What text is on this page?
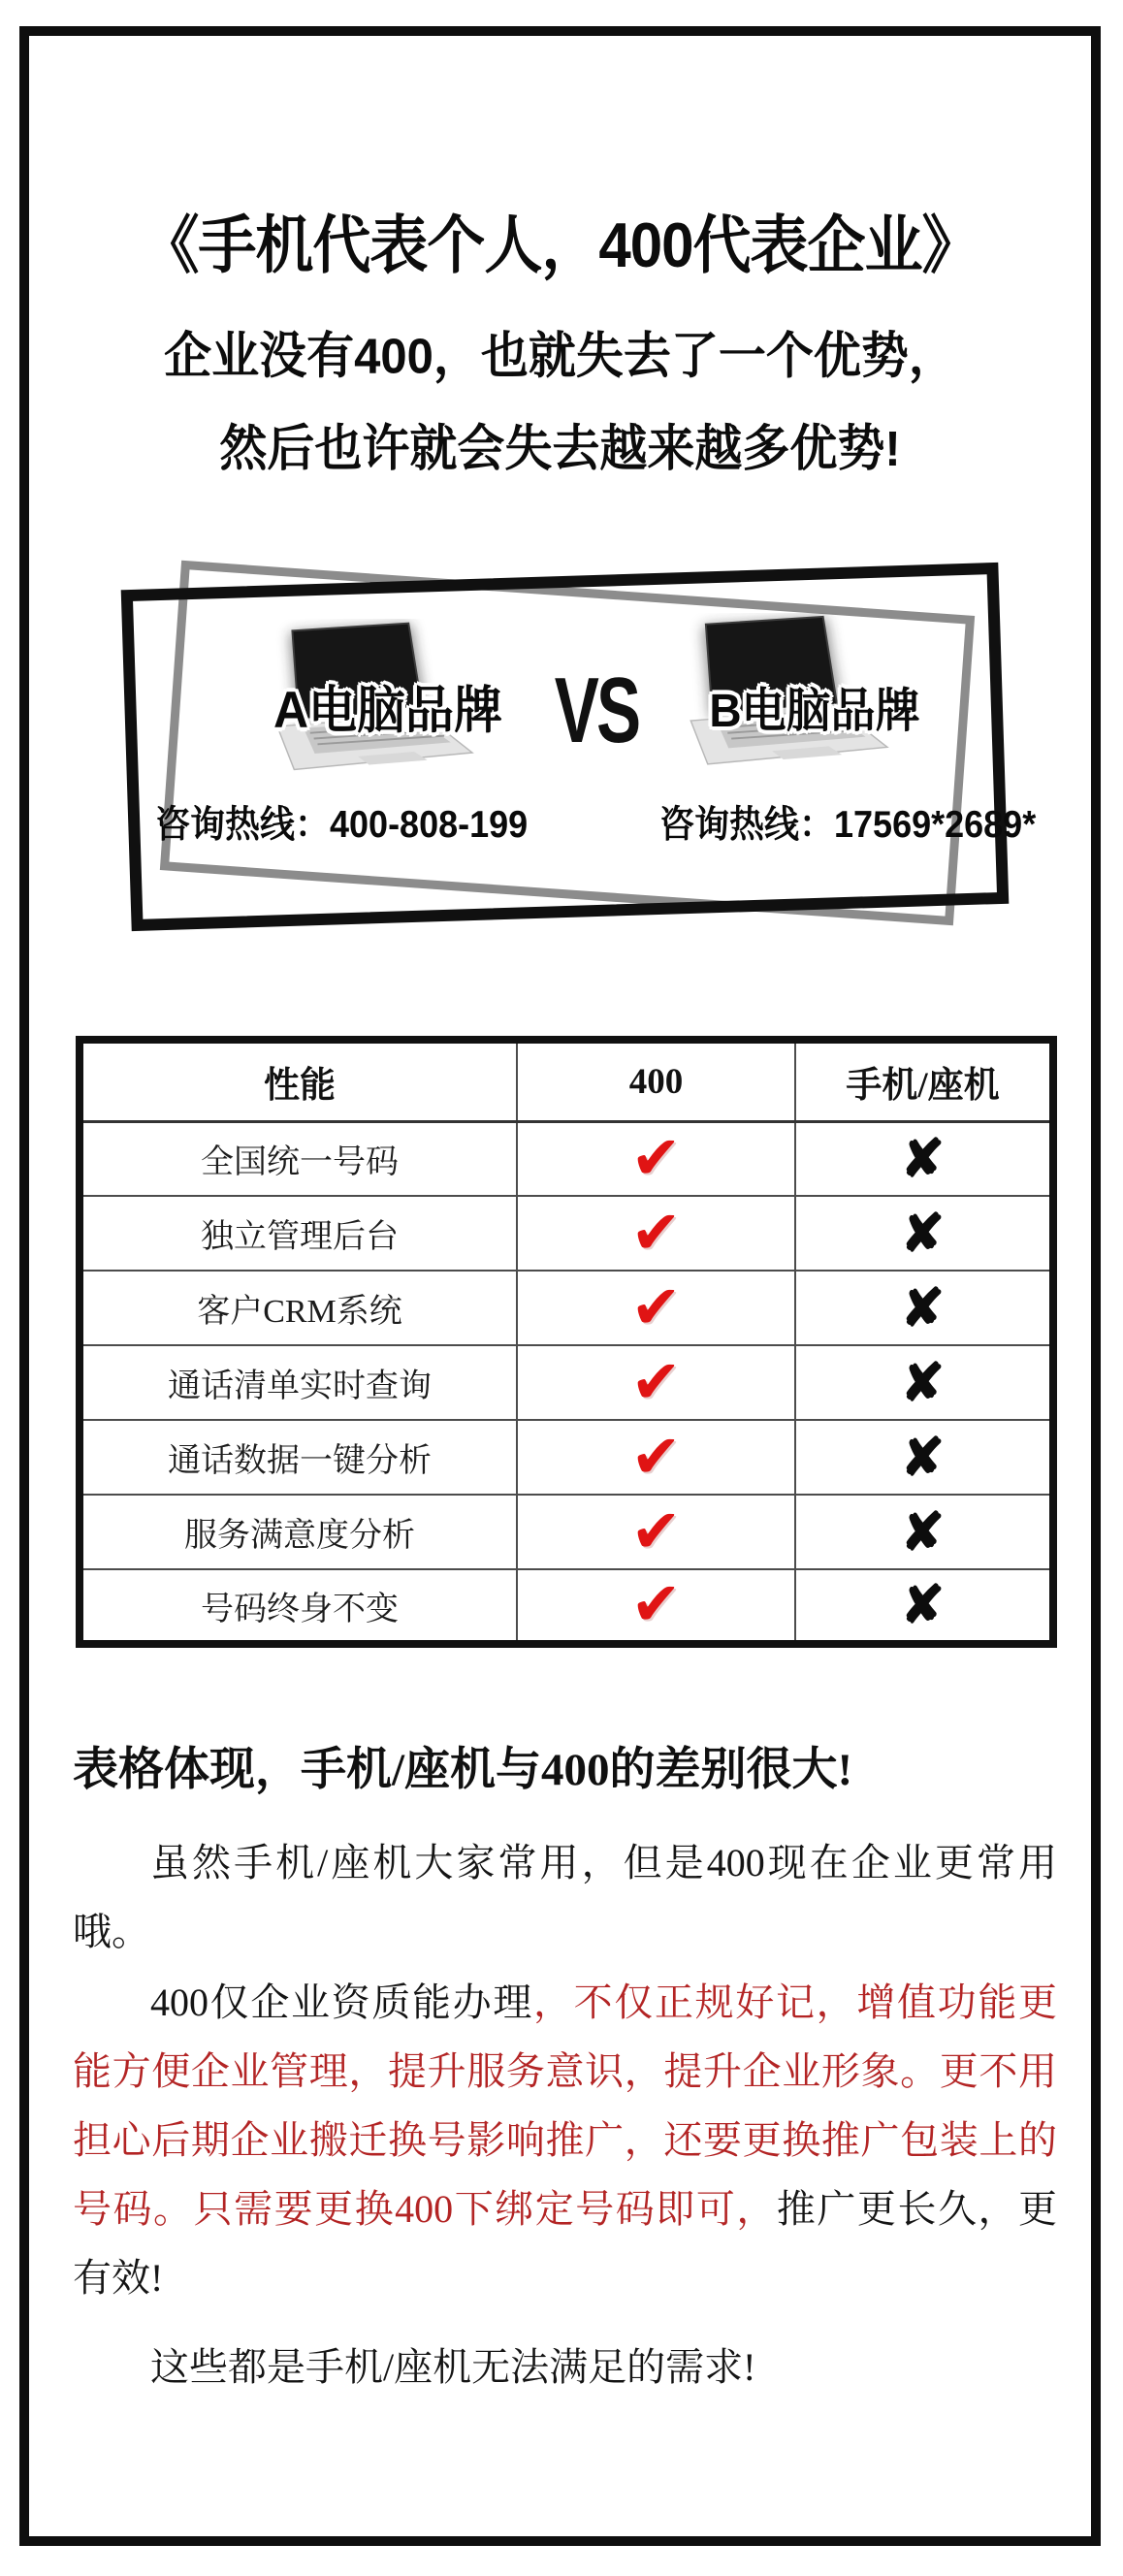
《手机代表个人，400代表企业》
企业没有400，也就失去了一个优势，
然后也许就会失去越来越多优势!
A电脑品牌 VS	B电脑品牌
咨询热线：400-808-199	咨询热线：17569*2689*
性能	400	手机/座机
全国统一号码	✔	✘
独立管理后台	✔	✘
客户CRM系统	✔	✘
通话清单实时查询	✔	✘
通话数据一键分析	✔	✘
服务满意度分析	✔	✘
号码终身不变	✔	✘
表格体现，手机/座机与400的差别很大!

虽然手机/座机大家常用，但是400现在企业更常用哦。

400仅企业资质能办理，不仅正规好记，增值功能更能方便企业管理，提升服务意识，提升企业形象。更不用担心后期企业搬迁换号影响推广，还要更换推广包装上的号码。只需要更换400下绑定号码即可，推广更长久，更有效!

这些都是手机/座机无法满足的需求!
